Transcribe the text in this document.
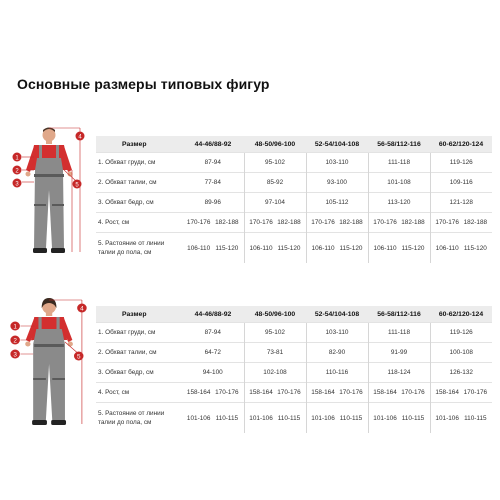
Основные размеры типовых фигур
1
2
3
4
5
1
2
3
4
5
Размер	44-46/88-92	48-50/96-100	52-54/104-108	56-58/112-116	60-62/120-124
1. Обхват груди, см	87-94	95-102	103-110	111-118	119-126
2. Обхват талии, см	77-84	85-92	93-100	101-108	109-116
3. Обхват бедр, см	89-96	97-104	105-112	113-120	121-128
4. Рост, см	170-176 182-188	170-176 182-188	170-176 182-188	170-176 182-188	170-176 182-188
5. Растояние от линии талии до пола, см	106-110 115-120	106-110 115-120	106-110 115-120	106-110 115-120	106-110 115-120
Размер	44-46/88-92	48-50/96-100	52-54/104-108	56-58/112-116	60-62/120-124
1. Обхват груди, см	87-94	95-102	103-110	111-118	119-126
2. Обхват талии, см	64-72	73-81	82-90	91-99	100-108
3. Обхват бедр, см	94-100	102-108	110-116	118-124	126-132
4. Рост, см	158-164 170-176	158-164 170-176	158-164 170-176	158-164 170-176	158-164 170-176
5. Растояние от линии талии до пола, см	101-106 110-115	101-106 110-115	101-106 110-115	101-106 110-115	101-106 110-115
